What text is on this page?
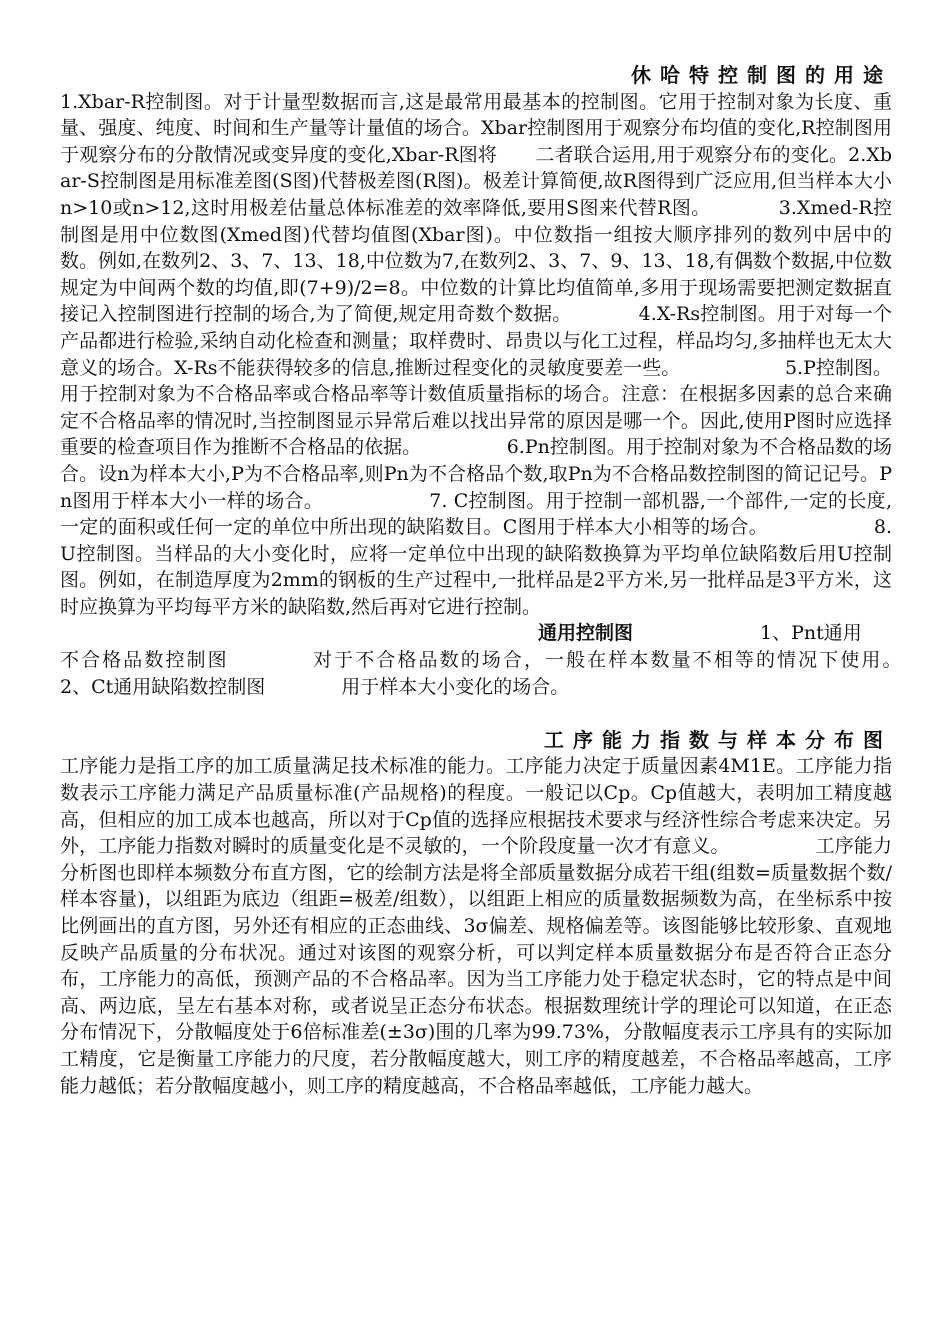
休哈特控制图的用途

1.Xbar-R控制图。对于计量型数据而言,这是最常用最基本的控制图。它用于控制对象为长度、重量、强度、纯度、时间和生产量等计量值的场合。Xbar控制图用于观察分布均值的变化,R控制图用于观察分布的分散情况或变异度的变化,Xbar-R图将　　二者联合运用,用于观察分布的变化。2.Xbar-S控制图是用标准差图(S图)代替极差图(R图)。极差计算简便,故R图得到广泛应用,但当样本大小n>10或n>12,这时用极差估量总体标准差的效率降低,要用S图来代替R图。　　　　3.Xmed-R控制图是用中位数图(Xmed图)代替均值图(Xbar图)。中位数指一组按大顺序排列的数列中居中的数。例如,在数列2、3、7、13、18,中位数为7,在数列2、3、7、9、13、18,有偶数个数据,中位数规定为中间两个数的均值,即(7+9)/2=8。中位数的计算比均值简单,多用于现场需要把测定数据直接记入控制图进行控制的场合,为了简便,规定用奇数个数据。　　　　4.X-Rs控制图。用于对每一个产品都进行检验,采纳自动化检查和测量；取样费时、昂贵以与化工过程，样品均匀,多抽样也无太大意义的场合。X-Rs不能获得较多的信息,推断过程变化的灵敏度要差一些。　　　　　　5.P控制图。用于控制对象为不合格品率或合格品率等计数值质量指标的场合。注意：在根据多因素的总合来确定不合格品率的情况时,当控制图显示异常后难以找出异常的原因是哪一个。因此,使用P图时应选择重要的检查项目作为推断不合格品的依据。　　　　　6.Pn控制图。用于控制对象为不合格品数的场合。设n为样本大小,P为不合格品率,则Pn为不合格品个数,取Pn为不合格品数控制图的简记记号。Pn图用于样本大小一样的场合。　　　　　　7. C控制图。用于控制一部机器,一个部件,一定的长度,一定的面积或任何一定的单位中所出现的缺陷数目。C图用于样本大小相等的场合。　　　　　　8. U控制图。当样品的大小变化时，应将一定单位中出现的缺陷数换算为平均单位缺陷数后用U控制图。例如，在制造厚度为2mm的钢板的生产过程中,一批样品是2平方米,另一批样品是3平方米，这时应换算为平均每平方米的缺陷数,然后再对它进行控制。

通用控制图	1、Pnt通用

不合格品数控制图　　　　对于不合格品数的场合，一般在样本数量不相等的情况下使用。　　　2、Ct通用缺陷数控制图　　　　用于样本大小变化的场合。

工序能力指数与样本分布图

工序能力是指工序的加工质量满足技术标准的能力。工序能力决定于质量因素4M1E。工序能力指数表示工序能力满足产品质量标准(产品规格)的程度。一般记以Cp。Cp值越大，表明加工精度越高，但相应的加工成本也越高，所以对于Cp值的选择应根据技术要求与经济性综合考虑来决定。另外，工序能力指数对瞬时的质量变化是不灵敏的，一个阶段度量一次才有意义。　　　　　工序能力分析图也即样本频数分布直方图，它的绘制方法是将全部质量数据分成若干组(组数=质量数据个数/样本容量)，以组距为底边（组距=极差/组数），以组距上相应的质量数据频数为高，在坐标系中按比例画出的直方图，另外还有相应的正态曲线、3σ偏差、规格偏差等。该图能够比较形象、直观地反映产品质量的分布状况。通过对该图的观察分析，可以判定样本质量数据分布是否符合正态分布，工序能力的高低，预测产品的不合格品率。因为当工序能力处于稳定状态时，它的特点是中间高、两边底，呈左右基本对称，或者说呈正态分布状态。根据数理统计学的理论可以知道，在正态分布情况下，分散幅度处于6倍标准差(±3σ)围的几率为99.73%，分散幅度表示工序具有的实际加工精度，它是衡量工序能力的尺度，若分散幅度越大，则工序的精度越差，不合格品率越高，工序能力越低；若分散幅度越小，则工序的精度越高，不合格品率越低，工序能力越大。
